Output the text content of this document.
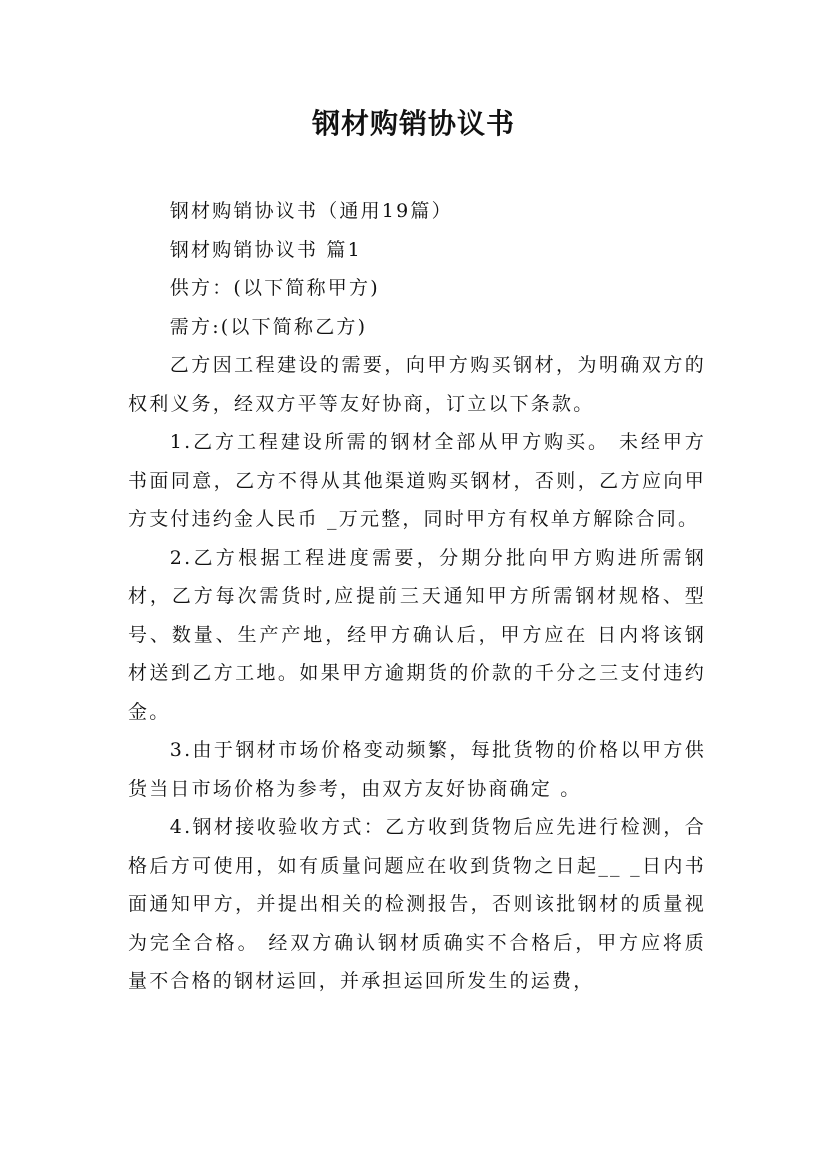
钢材购销协议书

钢材购销协议书（通用19篇）

钢材购销协议书 篇1

供方：(以下简称甲方)

需方:(以下简称乙方)

乙方因工程建设的需要，向甲方购买钢材，为明确双方的权利义务，经双方平等友好协商，订立以下条款。

1.乙方工程建设所需的钢材全部从甲方购买。 未经甲方书面同意，乙方不得从其他渠道购买钢材，否则，乙方应向甲方支付违约金人民币 _万元整，同时甲方有权单方解除合同。

2.乙方根据工程进度需要，分期分批向甲方购进所需钢材，乙方每次需货时,应提前三天通知甲方所需钢材规格、型号、数量、生产产地，经甲方确认后，甲方应在 日内将该钢材送到乙方工地。如果甲方逾期货的价款的千分之三支付违约金。

3.由于钢材市场价格变动频繁，每批货物的价格以甲方供货当日市场价格为参考，由双方友好协商确定 。

4.钢材接收验收方式：乙方收到货物后应先进行检测，合格后方可使用，如有质量问题应在收到货物之日起__ _日内书面通知甲方，并提出相关的检测报告，否则该批钢材的质量视为完全合格。 经双方确认钢材质确实不合格后，甲方应将质量不合格的钢材运回，并承担运回所发生的运费，
